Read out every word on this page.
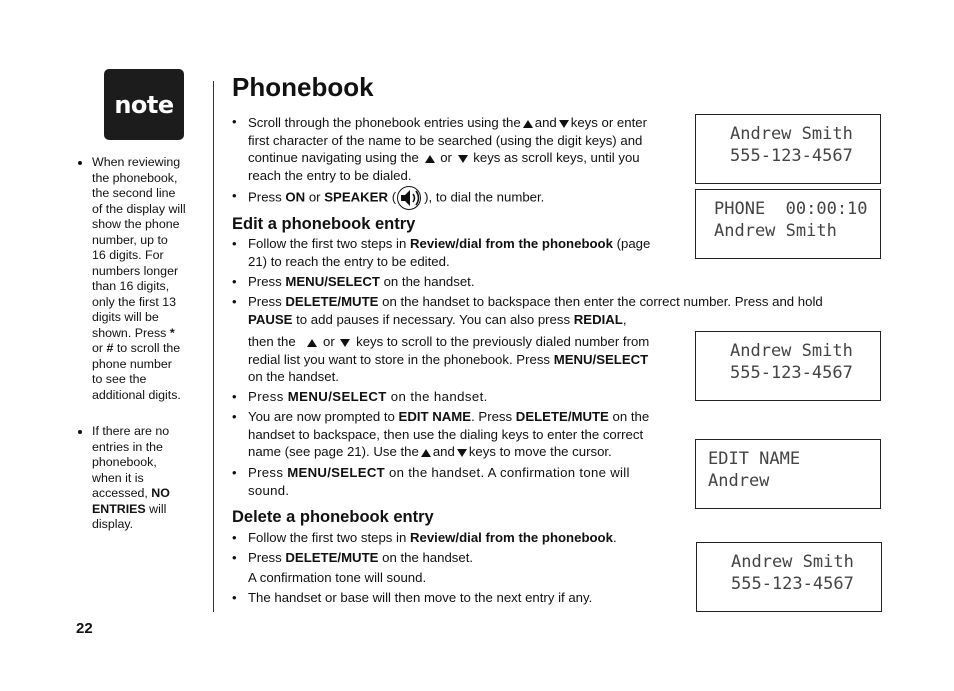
note
• When reviewing
the phonebook,
the second line
of the display will
show the phone
number, up to
16 digits. For
numbers longer
than 16 digits,
only the first 13
digits will be
shown. Press *
or # to scroll the
phone number
to see the
additional digits.
• If there are no
entries in the
phonebook,
when it is
accessed, NO
ENTRIES will
display.
Phonebook
• Scroll through the phonebook entries using the and keys or enter
first character of the name to be searched (using the digit keys) and
continue navigating using the or keys as scroll keys, until you
reach the entry to be dialed.
• Press ON or SPEAKER ( ), to dial the number.
Andrew Smith
555-123-4567
PHONE  00:00:10
Andrew Smith
Andrew Smith
555-123-4567
EDIT NAME
Andrew
Andrew Smith
555-123-4567
Edit a phonebook entry
• Follow the first two steps in Review/dial from the phonebook (page
21) to reach the entry to be edited.
• Press MENU/SELECT on the handset.
• Press DELETE/MUTE on the handset to backspace then enter the correct number. Press and hold
PAUSE to add pauses if necessary. You can also press REDIAL,
then the or keys to scroll to the previously dialed number from
redial list you want to store in the phonebook. Press MENU/SELECT
on the handset.
• Press MENU/SELECT on the handset.
• You are now prompted to EDIT NAME. Press DELETE/MUTE on the
handset to backspace, then use the dialing keys to enter the correct
name (see page 21). Use the and keys to move the cursor.
• Press MENU/SELECT on the handset. A confirmation tone will
sound.
Delete a phonebook entry
• Follow the first two steps in Review/dial from the phonebook.
• Press DELETE/MUTE on the handset.
A confirmation tone will sound.
• The handset or base will then move to the next entry if any.
22
